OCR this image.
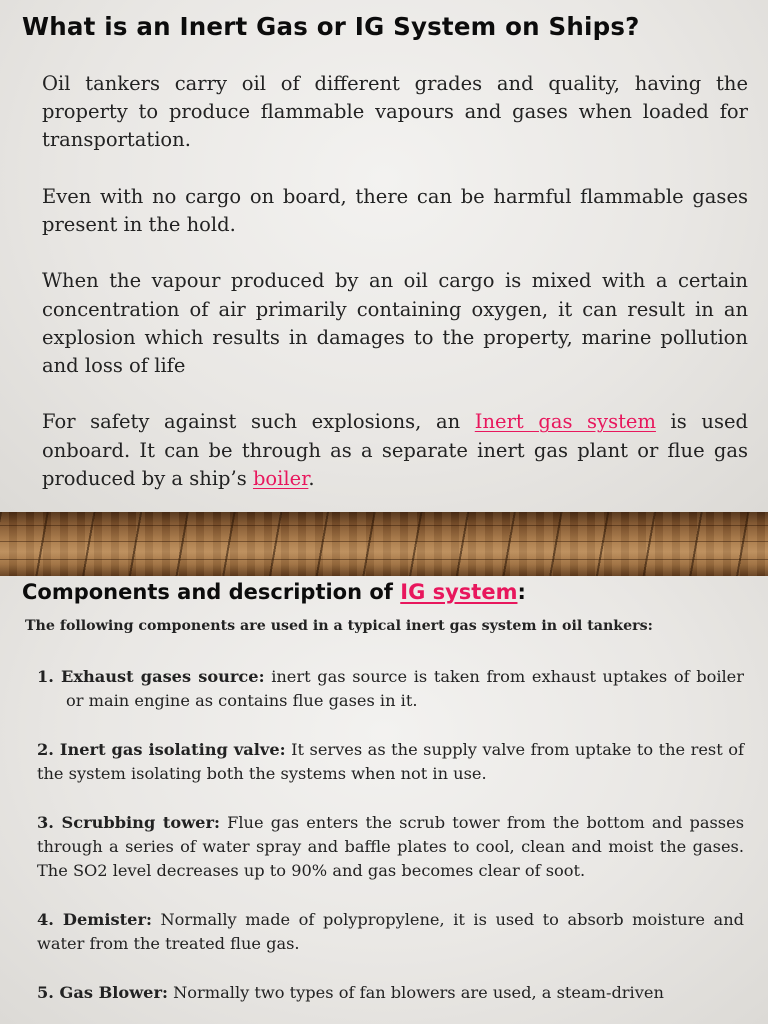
What is an Inert Gas or IG System on Ships?

Oil tankers carry oil of different grades and quality, having the property to produce flammable vapours and gases when loaded for transportation.

Even with no cargo on board, there can be harmful flammable gases present in the hold.

When the vapour produced by an oil cargo is mixed with a certain concentration of air primarily containing oxygen, it can result in an explosion which results in damages to the property, marine pollution and loss of life

For safety against such explosions, an Inert gas system is used onboard. It can be through as a separate inert gas plant or flue gas produced by a ship’s boiler.

Components and description of IG system:

The following components are used in a typical inert gas system in oil tankers:

1. Exhaust gases source: inert gas source is taken from exhaust uptakes of boiler or main engine as contains flue gases in it.
2. Inert gas isolating valve: It serves as the supply valve from uptake to the rest of the system isolating both the systems when not in use.
3. Scrubbing tower: Flue gas enters the scrub tower from the bottom and passes through a series of water spray and baffle plates to cool, clean and moist the gases. The SO2 level decreases up to 90% and gas becomes clear of soot.
4. Demister: Normally made of polypropylene, it is used to absorb moisture and water from the treated flue gas.
5. Gas Blower: Normally two types of fan blowers are used, a steam-driven
